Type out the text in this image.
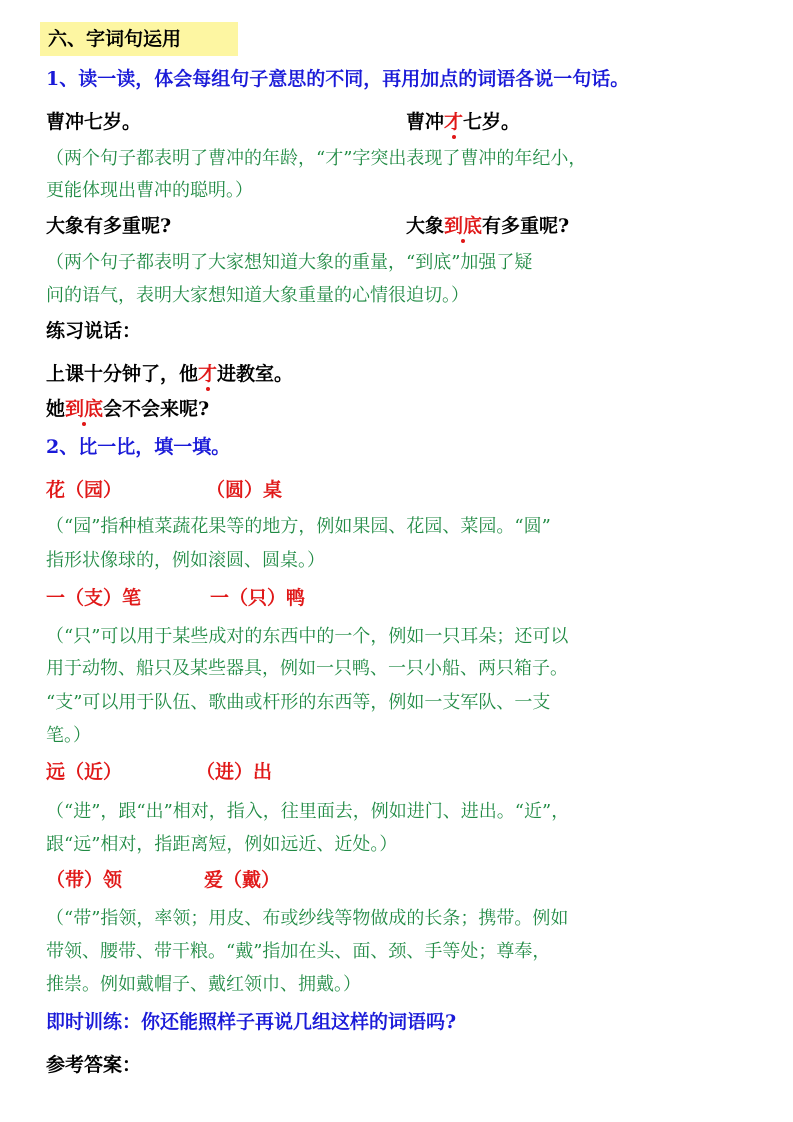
六、字词句运用
1、读一读，体会每组句子意思的不同，再用加点的词语各说一句话。
曹冲七岁。	曹冲才七岁。
（两个句子都表明了曹冲的年龄，“才”字突出表现了曹冲的年纪小，
更能体现出曹冲的聪明。）
大象有多重呢?	大象到底有多重呢?
（两个句子都表明了大家想知道大象的重量，“到底”加强了疑
问的语气，表明大家想知道大象重量的心情很迫切。）
练习说话：
上课十分钟了，他才进教室。
她到底会不会来呢?
2、比一比，填一填。
花（园）	（圆）桌
（“园”指种植菜蔬花果等的地方，例如果园、花园、菜园。“圆”
指形状像球的，例如滚圆、圆桌。）
一（支）笔	一（只）鸭
（“只”可以用于某些成对的东西中的一个，例如一只耳朵；还可以
用于动物、船只及某些器具，例如一只鸭、一只小船、两只箱子。
“支”可以用于队伍、歌曲或杆形的东西等，例如一支军队、一支
笔。）
远（近）	（进）出
（“进”，跟“出”相对，指入，往里面去，例如进门、进出。“近”，
跟“远”相对，指距离短，例如远近、近处。）
（带）领	爱（戴）
（“带”指领，率领；用皮、布或纱线等物做成的长条；携带。例如
带领、腰带、带干粮。“戴”指加在头、面、颈、手等处；尊奉，
推崇。例如戴帽子、戴红领巾、拥戴。）
即时训练：你还能照样子再说几组这样的词语吗?
参考答案：
